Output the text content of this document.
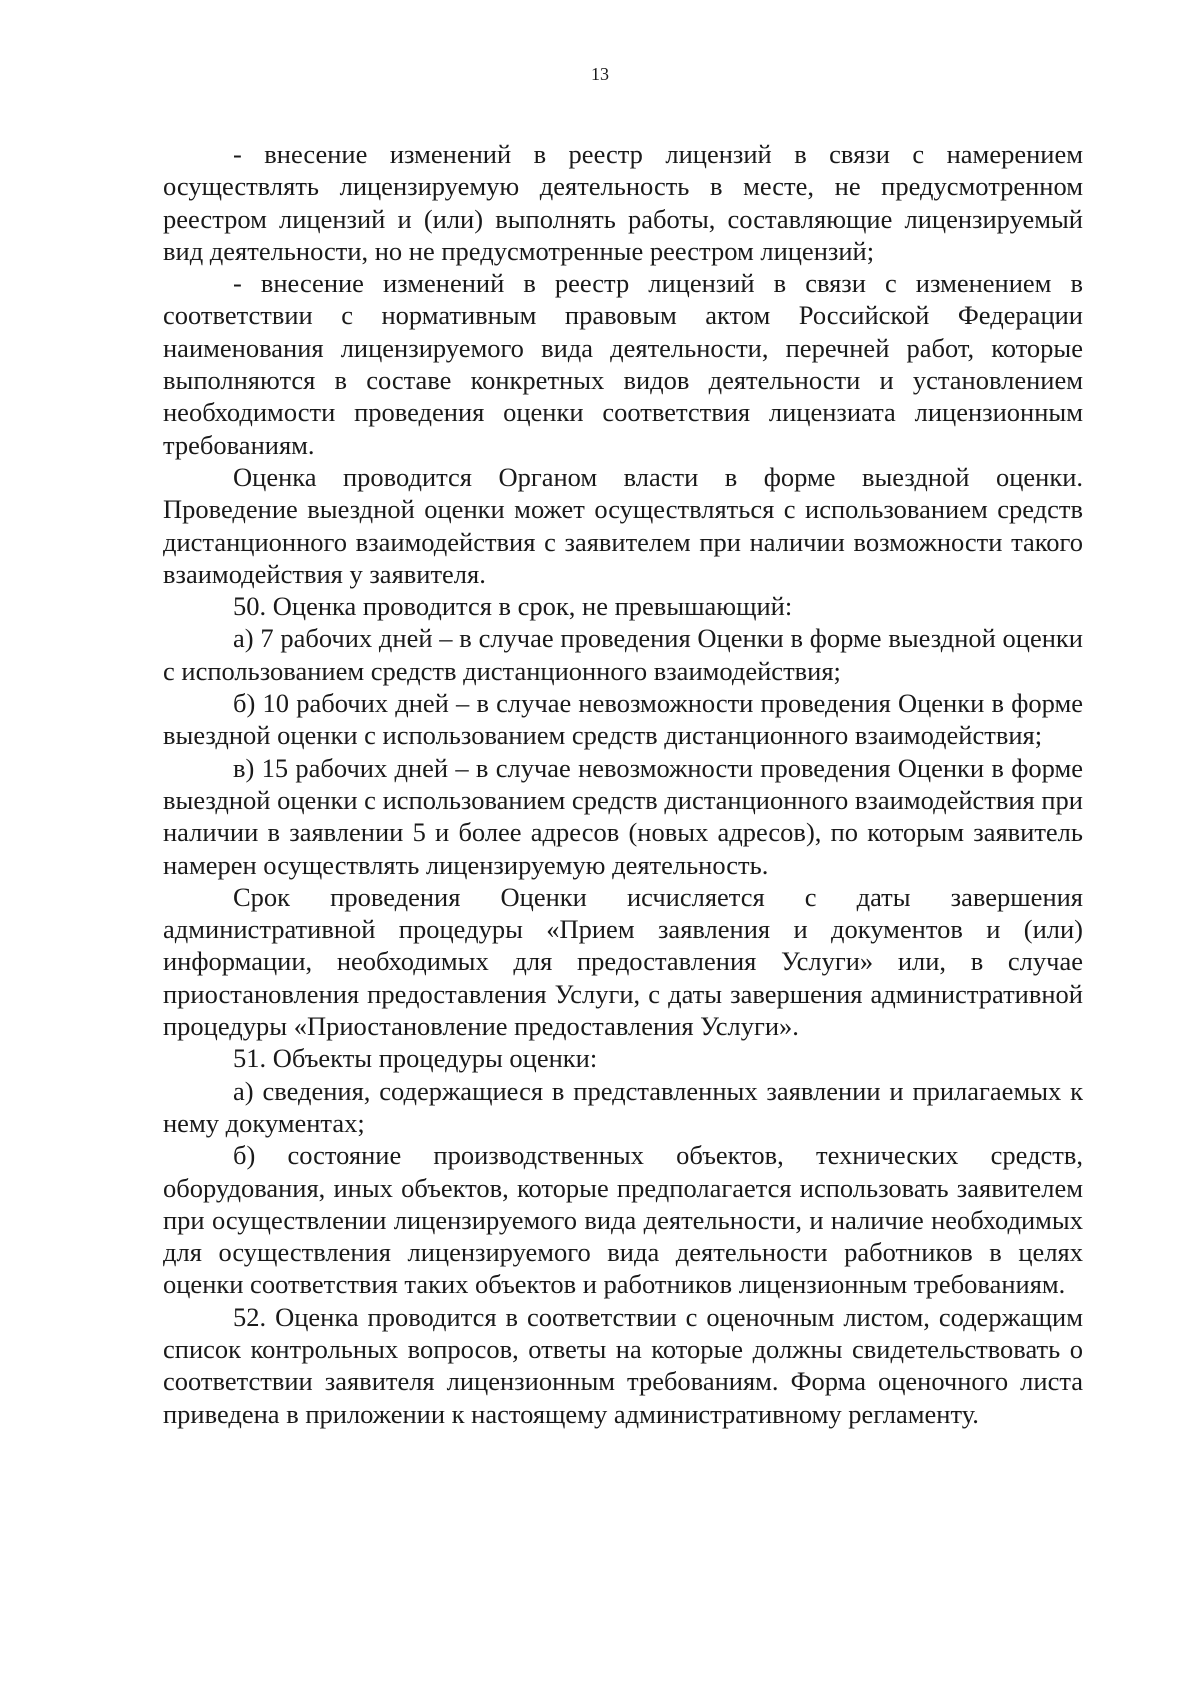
13

- внесение изменений в реестр лицензий в связи с намерением осуществлять лицензируемую деятельность в месте, не предусмотренном реестром лицензий и (или) выполнять работы, составляющие лицензируемый вид деятельности, но не предусмотренные реестром лицензий;

- внесение изменений в реестр лицензий в связи с изменением в соответствии с нормативным правовым актом Российской Федерации наименования лицензируемого вида деятельности, перечней работ, которые выполняются в составе конкретных видов деятельности и установлением необходимости проведения оценки соответствия лицензиата лицензионным требованиям.

Оценка проводится Органом власти в форме выездной оценки. Проведение выездной оценки может осуществляться с использованием средств дистанционного взаимодействия с заявителем при наличии возможности такого взаимодействия у заявителя.

50. Оценка проводится в срок, не превышающий:

а) 7 рабочих дней – в случае проведения Оценки в форме выездной оценки с использованием средств дистанционного взаимодействия;

б) 10 рабочих дней – в случае невозможности проведения Оценки в форме выездной оценки с использованием средств дистанционного взаимодействия;

в) 15 рабочих дней – в случае невозможности проведения Оценки в форме выездной оценки с использованием средств дистанционного взаимодействия при наличии в заявлении 5 и более адресов (новых адресов), по которым заявитель намерен осуществлять лицензируемую деятельность.

Срок проведения Оценки исчисляется с даты завершения административной процедуры «Прием заявления и документов и (или) информации, необходимых для предоставления Услуги» или, в случае приостановления предоставления Услуги, с даты завершения административной процедуры «Приостановление предоставления Услуги».

51. Объекты процедуры оценки:

а) сведения, содержащиеся в представленных заявлении и прилагаемых к нему документах;

б) состояние производственных объектов, технических средств, оборудования, иных объектов, которые предполагается использовать заявителем при осуществлении лицензируемого вида деятельности, и наличие необходимых для осуществления лицензируемого вида деятельности работников в целях оценки соответствия таких объектов и работников лицензионным требованиям.

52. Оценка проводится в соответствии с оценочным листом, содержащим список контрольных вопросов, ответы на которые должны свидетельствовать о соответствии заявителя лицензионным требованиям. Форма оценочного листа приведена в приложении к настоящему административному регламенту.
